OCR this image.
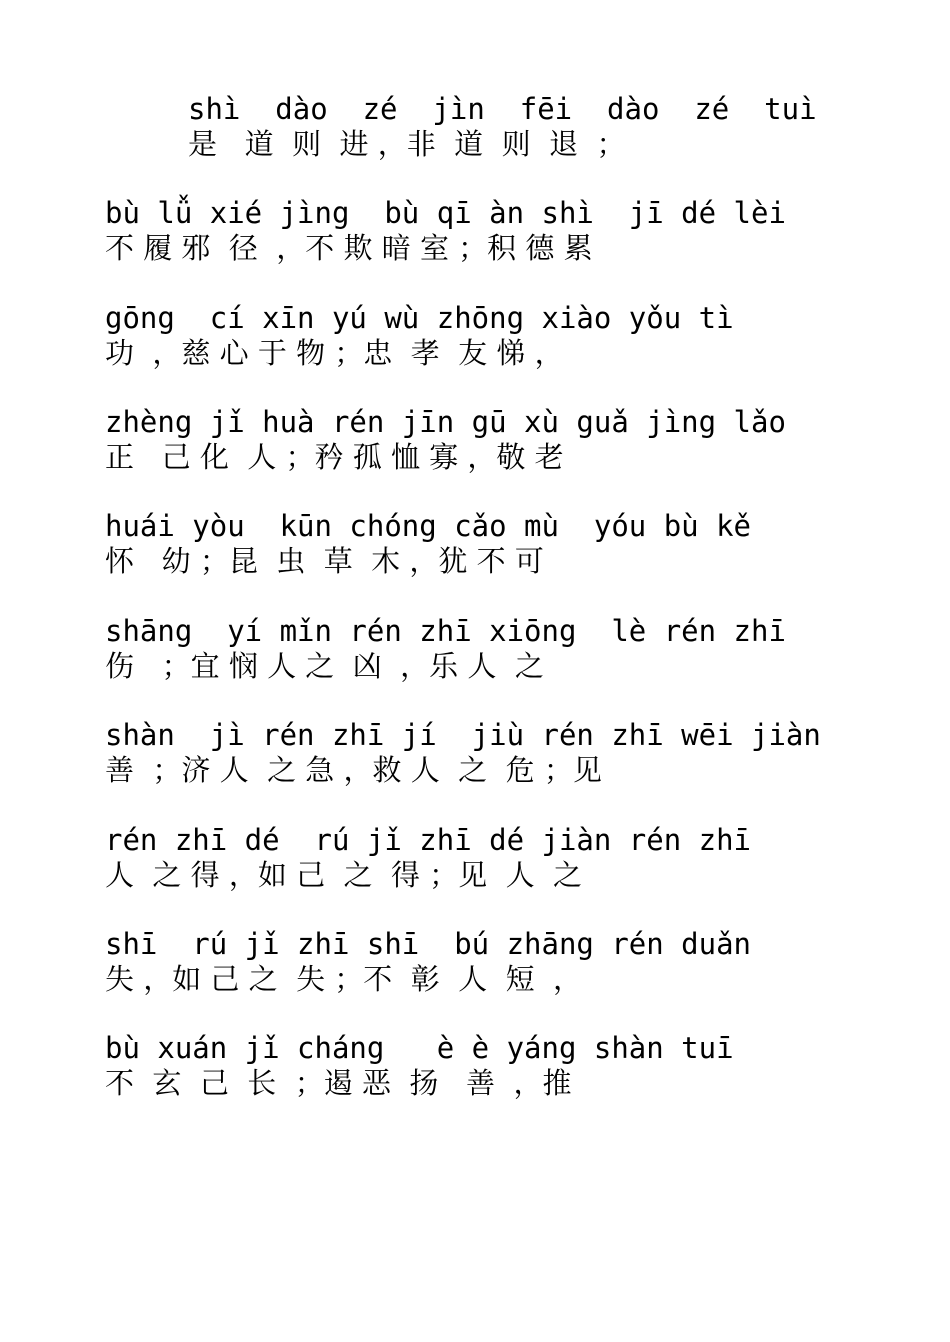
shì  dào  zé  jìn  fēi  dào  zé  tuì
是   道  则  进 ，非  道  则  退  ；
bù lǚ xié jìng  bù qī àn shì  jī dé lèi
不 履 邪  径  ，不 欺 暗 室 ；积 德 累
gōng  cí xīn yú wù zhōng xiào yǒu tì
功  ，慈 心 于 物 ；忠  孝  友 悌 ，
zhèng jǐ huà rén jīn gū xù guǎ jìng lǎo
正   己 化  人 ；矜 孤 恤 寡 ，敬 老
huái yòu  kūn chóng cǎo mù  yóu bù kě
怀   幼 ；昆  虫  草  木 ，犹 不 可
shāng  yí mǐn rén zhī xiōng  lè rén zhī
伤   ；宜 悯 人 之  凶  ，乐 人  之
shàn  jì rén zhī jí  jiù rén zhī wēi jiàn
善  ；济 人  之 急 ，救 人  之  危 ；见
rén zhī dé  rú jǐ zhī dé jiàn rén zhī
人  之 得 ，如 己  之  得 ；见  人  之
shī  rú jǐ zhī shī  bú zhāng rén duǎn
失 ，如 己 之  失 ；不  彰  人  短  ，
bù xuán jǐ cháng   è è yáng shàn tuī
不  玄  己  长  ；遏 恶  扬   善  ，推
